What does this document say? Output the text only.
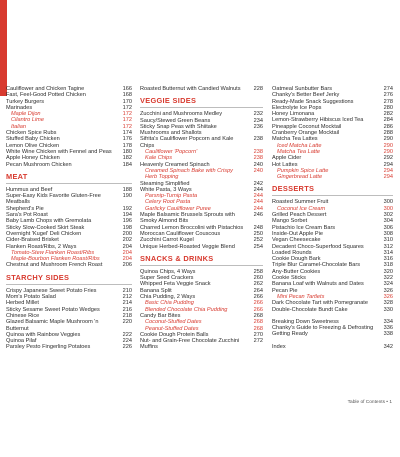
Cauliflower and Chicken Tagine	166
Fast, Feel-Good Potted Chicken	168
Turkey Burgers	170
Marinades	172
Maple Dijon	172
Cilantro Lime	172
Italian	172
Chicken Spice Rubs	174
Stuffed Baby Chicken	176
Lemon Olive Chicken	178
White Wine Chicken with Fennel and Peas	180
Apple Honey Chicken	182
Pecan Mushroom Chicken	184
MEAT
Hummus and Beef	188
Super-Easy Kids Favorite Gluten-Free Meatballs
190
Shepherd's Pie	192
Sara's Pot Roast	194
Baby Lamb Chops with Gremolata	196
Sticky Slow-Cooked Skirt Steak	198
Overnight 'Kugel' Deli Chicken	200
Cider-Braised Brisket	202
Flanken Roast/Ribs, 2 Ways	204
Tomato-Stew Flanken Roast/Ribs	204
Maple-Bourbon Flanken Roast/Ribs	204
Chestnut and Mushroom French Roast	206
STARCHY SIDES
Crispy Japanese Sweet Potato Fries	210
Mom's Potato Salad	212
Herbed Millet	214
Sticky Sesame Sweet Potato Wedges	216
Chinese Rice	218
Glazed Balsamic Maple Mushroom 'n Butternut
220
Quinoa with Rainbow Veggies	222
Quinoa Pilaf	224
Parsley Pesto Fingerling Potatoes	226
Roasted Butternut with Candied Walnuts	228
VEGGIE SIDES
Zucchini and Mushrooms Medley	232
Saucy/Stewed Green Beans	234
Sticky Snap Peas with Shiitake Mushrooms and Shallots
236
Sifrita's Cauliflower Popcorn and Kale Chips
238
Cauliflower 'Popcorn'	238
Kale Chips	238
Heavenly Creamed Spinach	240
Creamed Spinach Bake with Crispy Herb Topping
240
Steaming Simplified	242
White Pasta, 3 Ways	244
Parsnip-Turnip Pasta	244
Celery Root Pasta	244
Garlicky Cauliflower Puree	244
Maple Balsamic Brussels Sprouts with Smoky Almond Bits
246
Charred Lemon Broccolini with Pistachios	248
Moroccan Cauliflower Couscous	250
Zucchini Carrot Kugel	252
Unique Herbed-Roasted Veggie Blend	254
SNACKS & DRINKS
Quinoa Chips, 4 Ways	258
Super Seed Crackers	260
Whipped Feta Veggie Snack	262
Banana Split	264
Chia Pudding, 2 Ways	266
Basic Chia Pudding	266
Blended Chocolate Chia Pudding	266
Candy Bar Bites	268
Coconut-Stuffed Dates	268
Peanut-Stuffed Dates	268
Cookie Dough Protein Balls	270
Nut- and Grain-Free Chocolate Zucchini Muffins
272
Oatmeal Sunbutter Bars	274
Chanky's Better Beef Jerky	276
Ready-Made Snack Suggestions	278
Electrolyte Ice Pops	280
Honey Limonana	282
Lemon-Strawberry Hibiscus Iced Tea	284
Pineapple Coconut Mocktail	286
Cranberry Orange Mocktail	288
Matcha Tea Lattes	290
Iced Matcha Latte	290
Matcha Tea Latte	290
Apple Cider	292
Hot Lattes	294
Pumpkin Spice Latte	294
Gingerbread Latte	294
DESSERTS
Roasted Summer Fruit	300
Coconut Ice Cream	300
Grilled Peach Dessert	302
Mango Sorbet	304
Pistachio Ice Cream Bars	306
Inside-Out Apple Pie	308
Vegan Cheesecake	310
Decadent Choco-Superfood Squares	312
Loaded Rounds	314
Cookie Dough Bark	316
Triple Blur Caramel-Chocolate Bars	318
Any-Butter Cookies	320
Cookie Sticks	322
Banana Loaf with Walnuts and Dates	324
Pecan Pie	326
Mini Pecan Tartlets	326
Dark Chocolate Tart with Pomegranate	328
Double-Chocolate Bundt Cake	330
Breaking Down Sweetness	334
Chanky's Guide to Freezing & Defrosting	336
Getting Ready	338
Index	342
Table of Contents • 1
